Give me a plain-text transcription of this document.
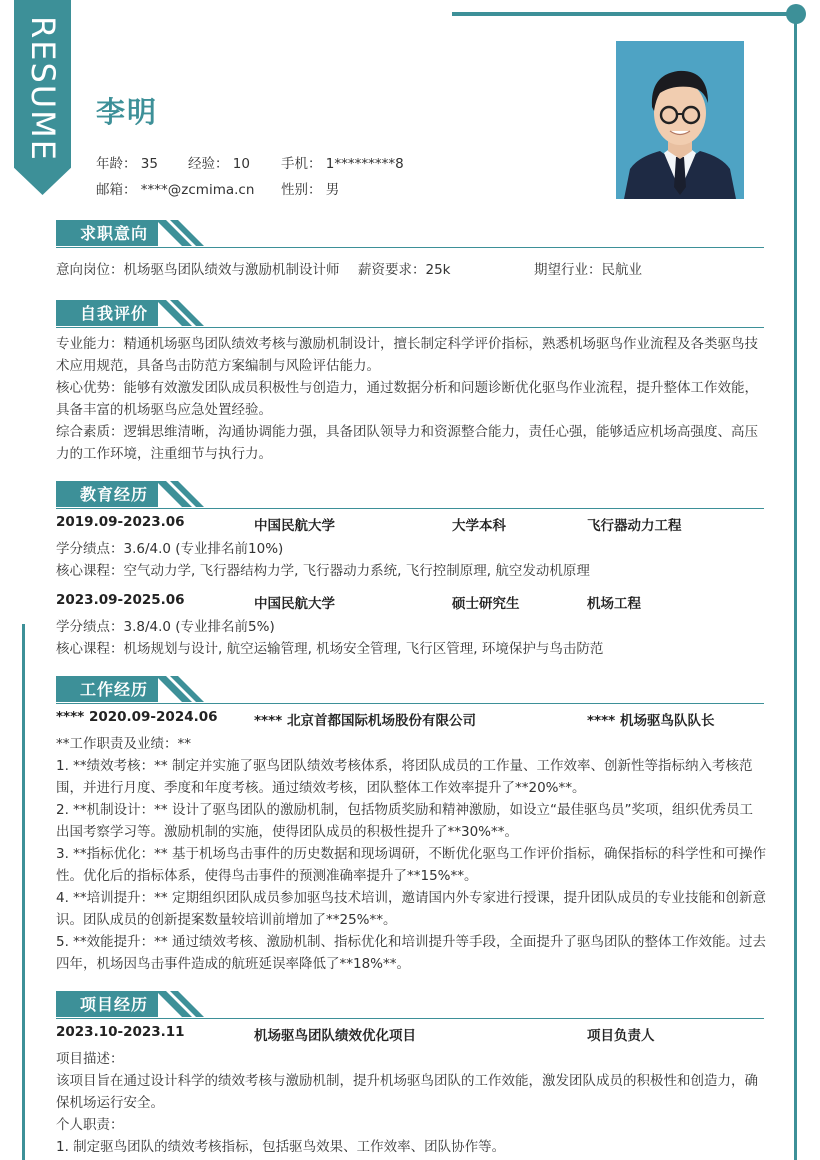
RESUME 李明
年龄： 35 经验： 10 手机： 1*********8
邮箱： ****@zcmima.cn 性别： 男
求职意向
意向岗位：机场驱鸟团队绩效与激励机制设计师 薪资要求：25k	期望行业：民航业
自我评价
专业能力：精通机场驱鸟团队绩效考核与激励机制设计，擅长制定科学评价指标，熟悉机场驱鸟作业流程及各类驱鸟技术应用规范，具备鸟击防范方案编制与风险评估能力。
核心优势：能够有效激发团队成员积极性与创造力，通过数据分析和问题诊断优化驱鸟作业流程，提升整体工作效能，具备丰富的机场驱鸟应急处置经验。
综合素质：逻辑思维清晰，沟通协调能力强，具备团队领导力和资源整合能力，责任心强，能够适应机场高强度、高压力的工作环境，注重细节与执行力。
教育经历
2019.09-2023.06	中国民航大学	大学本科	飞行器动力工程
学分绩点：3.6/4.0 (专业排名前10%)
核心课程：空气动力学, 飞行器结构力学, 飞行器动力系统, 飞行控制原理, 航空发动机原理
2023.09-2025.06	中国民航大学	硕士研究生	机场工程
学分绩点：3.8/4.0 (专业排名前5%)
核心课程：机场规划与设计, 航空运输管理, 机场安全管理, 飞行区管理, 环境保护与鸟击防范
工作经历
**** 2020.09-2024.06	**** 北京首都国际机场股份有限公司	**** 机场驱鸟队队长
**工作职责及业绩：**
1. **绩效考核：** 制定并实施了驱鸟团队绩效考核体系，将团队成员的工作量、工作效率、创新性等指标纳入考核范围，并进行月度、季度和年度考核。通过绩效考核，团队整体工作效率提升了**20%**。
2. **机制设计：** 设计了驱鸟团队的激励机制，包括物质奖励和精神激励，如设立“最佳驱鸟员”奖项，组织优秀员工出国考察学习等。激励机制的实施，使得团队成员的积极性提升了**30%**。
3. **指标优化：** 基于机场鸟击事件的历史数据和现场调研，不断优化驱鸟工作评价指标，确保指标的科学性和可操作性。优化后的指标体系，使得鸟击事件的预测准确率提升了**15%**。
4. **培训提升：** 定期组织团队成员参加驱鸟技术培训，邀请国内外专家进行授课，提升团队成员的专业技能和创新意识。团队成员的创新提案数量较培训前增加了**25%**。
5. **效能提升：** 通过绩效考核、激励机制、指标优化和培训提升等手段，全面提升了驱鸟团队的整体工作效能。过去四年，机场因鸟击事件造成的航班延误率降低了**18%**。
项目经历
2023.10-2023.11	机场驱鸟团队绩效优化项目	项目负责人
项目描述：
该项目旨在通过设计科学的绩效考核与激励机制，提升机场驱鸟团队的工作效能，激发团队成员的积极性和创造力，确保机场运行安全。
个人职责：
1. 制定驱鸟团队的绩效考核指标，包括驱鸟效果、工作效率、团队协作等。
